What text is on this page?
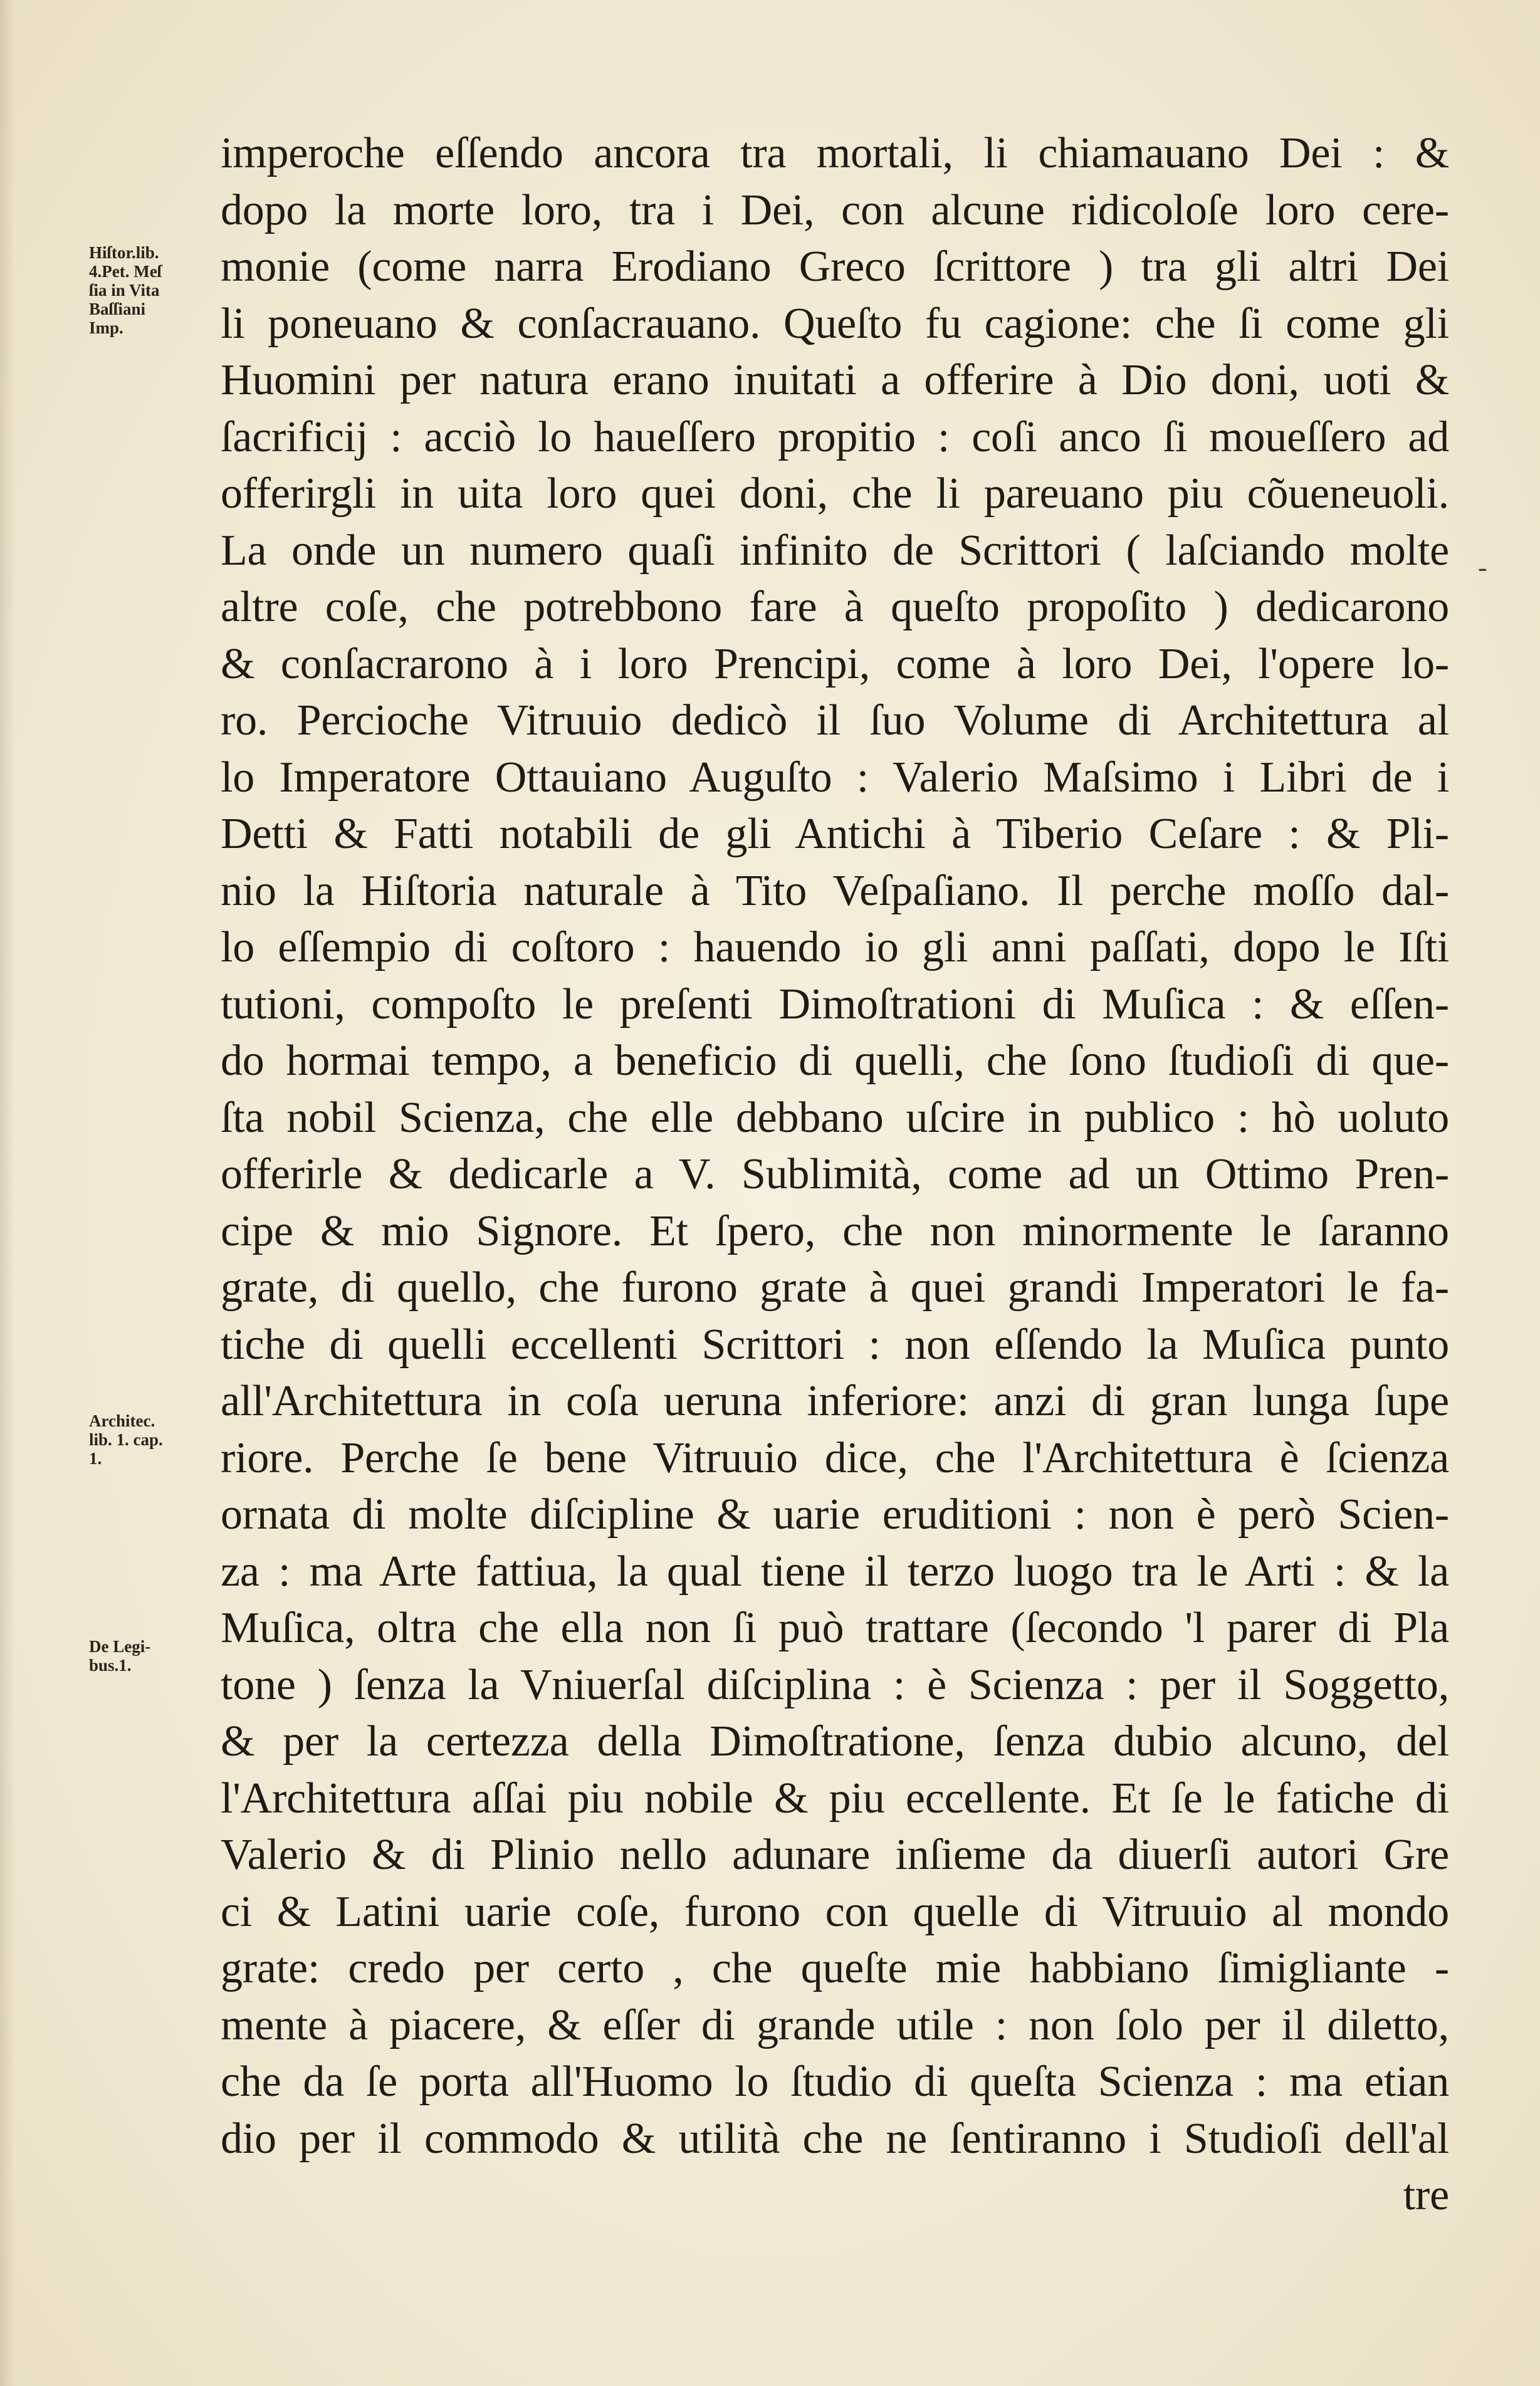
Hiſtor.lib.
4.Pet. Meſ
ſia in Vita
Baſſiani
Imp.
Architec.
lib. 1. cap.
1.
De Legi-
bus.1.
-
imperoche eſſendo ancora tra mortali, li chiamauano Dei : &
dopo la morte loro, tra i Dei, con alcune ridicoloſe loro cere-
monie (come narra Erodiano Greco ſcrittore ) tra gli altri Dei
li poneuano & conſacrauano. Queſto fu cagione: che ſi come gli
Huomini per natura erano inuitati a offerire à Dio doni, uoti &
ſacrificij : acciò lo haueſſero propitio : coſi anco ſi moueſſero ad
offerirgli in uita loro quei doni, che li pareuano piu cõueneuoli.
La onde un numero quaſi infinito de Scrittori ( laſciando molte
altre coſe, che potrebbono fare à queſto propoſito ) dedicarono
& conſacrarono à i loro Prencipi, come à loro Dei, l'opere lo-
ro. Percioche Vitruuio dedicò il ſuo Volume di Architettura al
lo Imperatore Ottauiano Auguſto : Valerio Maſsimo i Libri de i
Detti & Fatti notabili de gli Antichi à Tiberio Ceſare : & Pli-
nio la Hiſtoria naturale à Tito Veſpaſiano. Il perche moſſo dal-
lo eſſempio di coſtoro : hauendo io gli anni paſſati, dopo le Iſti
tutioni, compoſto le preſenti Dimoſtrationi di Muſica : & eſſen-
do hormai tempo, a beneficio di quelli, che ſono ſtudioſi di que-
ſta nobil Scienza, che elle debbano uſcire in publico : hò uoluto
offerirle & dedicarle a V. Sublimità, come ad un Ottimo Pren-
cipe & mio Signore. Et ſpero, che non minormente le ſaranno
grate, di quello, che furono grate à quei grandi Imperatori le fa-
tiche di quelli eccellenti Scrittori : non eſſendo la Muſica punto
all'Architettura in coſa ueruna inferiore: anzi di gran lunga ſupe
riore. Perche ſe bene Vitruuio dice, che l'Architettura è ſcienza
ornata di molte diſcipline & uarie eruditioni : non è però Scien-
za : ma Arte fattiua, la qual tiene il terzo luogo tra le Arti : & la
Muſica, oltra che ella non ſi può trattare (ſecondo 'l parer di Pla
tone ) ſenza la Vniuerſal diſciplina : è Scienza : per il Soggetto,
& per la certezza della Dimoſtratione, ſenza dubio alcuno, del
l'Architettura aſſai piu nobile & piu eccellente. Et ſe le fatiche di
Valerio & di Plinio nello adunare inſieme da diuerſi autori Gre
ci & Latini uarie coſe, furono con quelle di Vitruuio al mondo
grate: credo per certo , che queſte mie habbiano ſimigliante -
mente à piacere, & eſſer di grande utile : non ſolo per il diletto,
che da ſe porta all'Huomo lo ſtudio di queſta Scienza : ma etian
dio per il commodo & utilità che ne ſentiranno i Studioſi dell'al
tre
